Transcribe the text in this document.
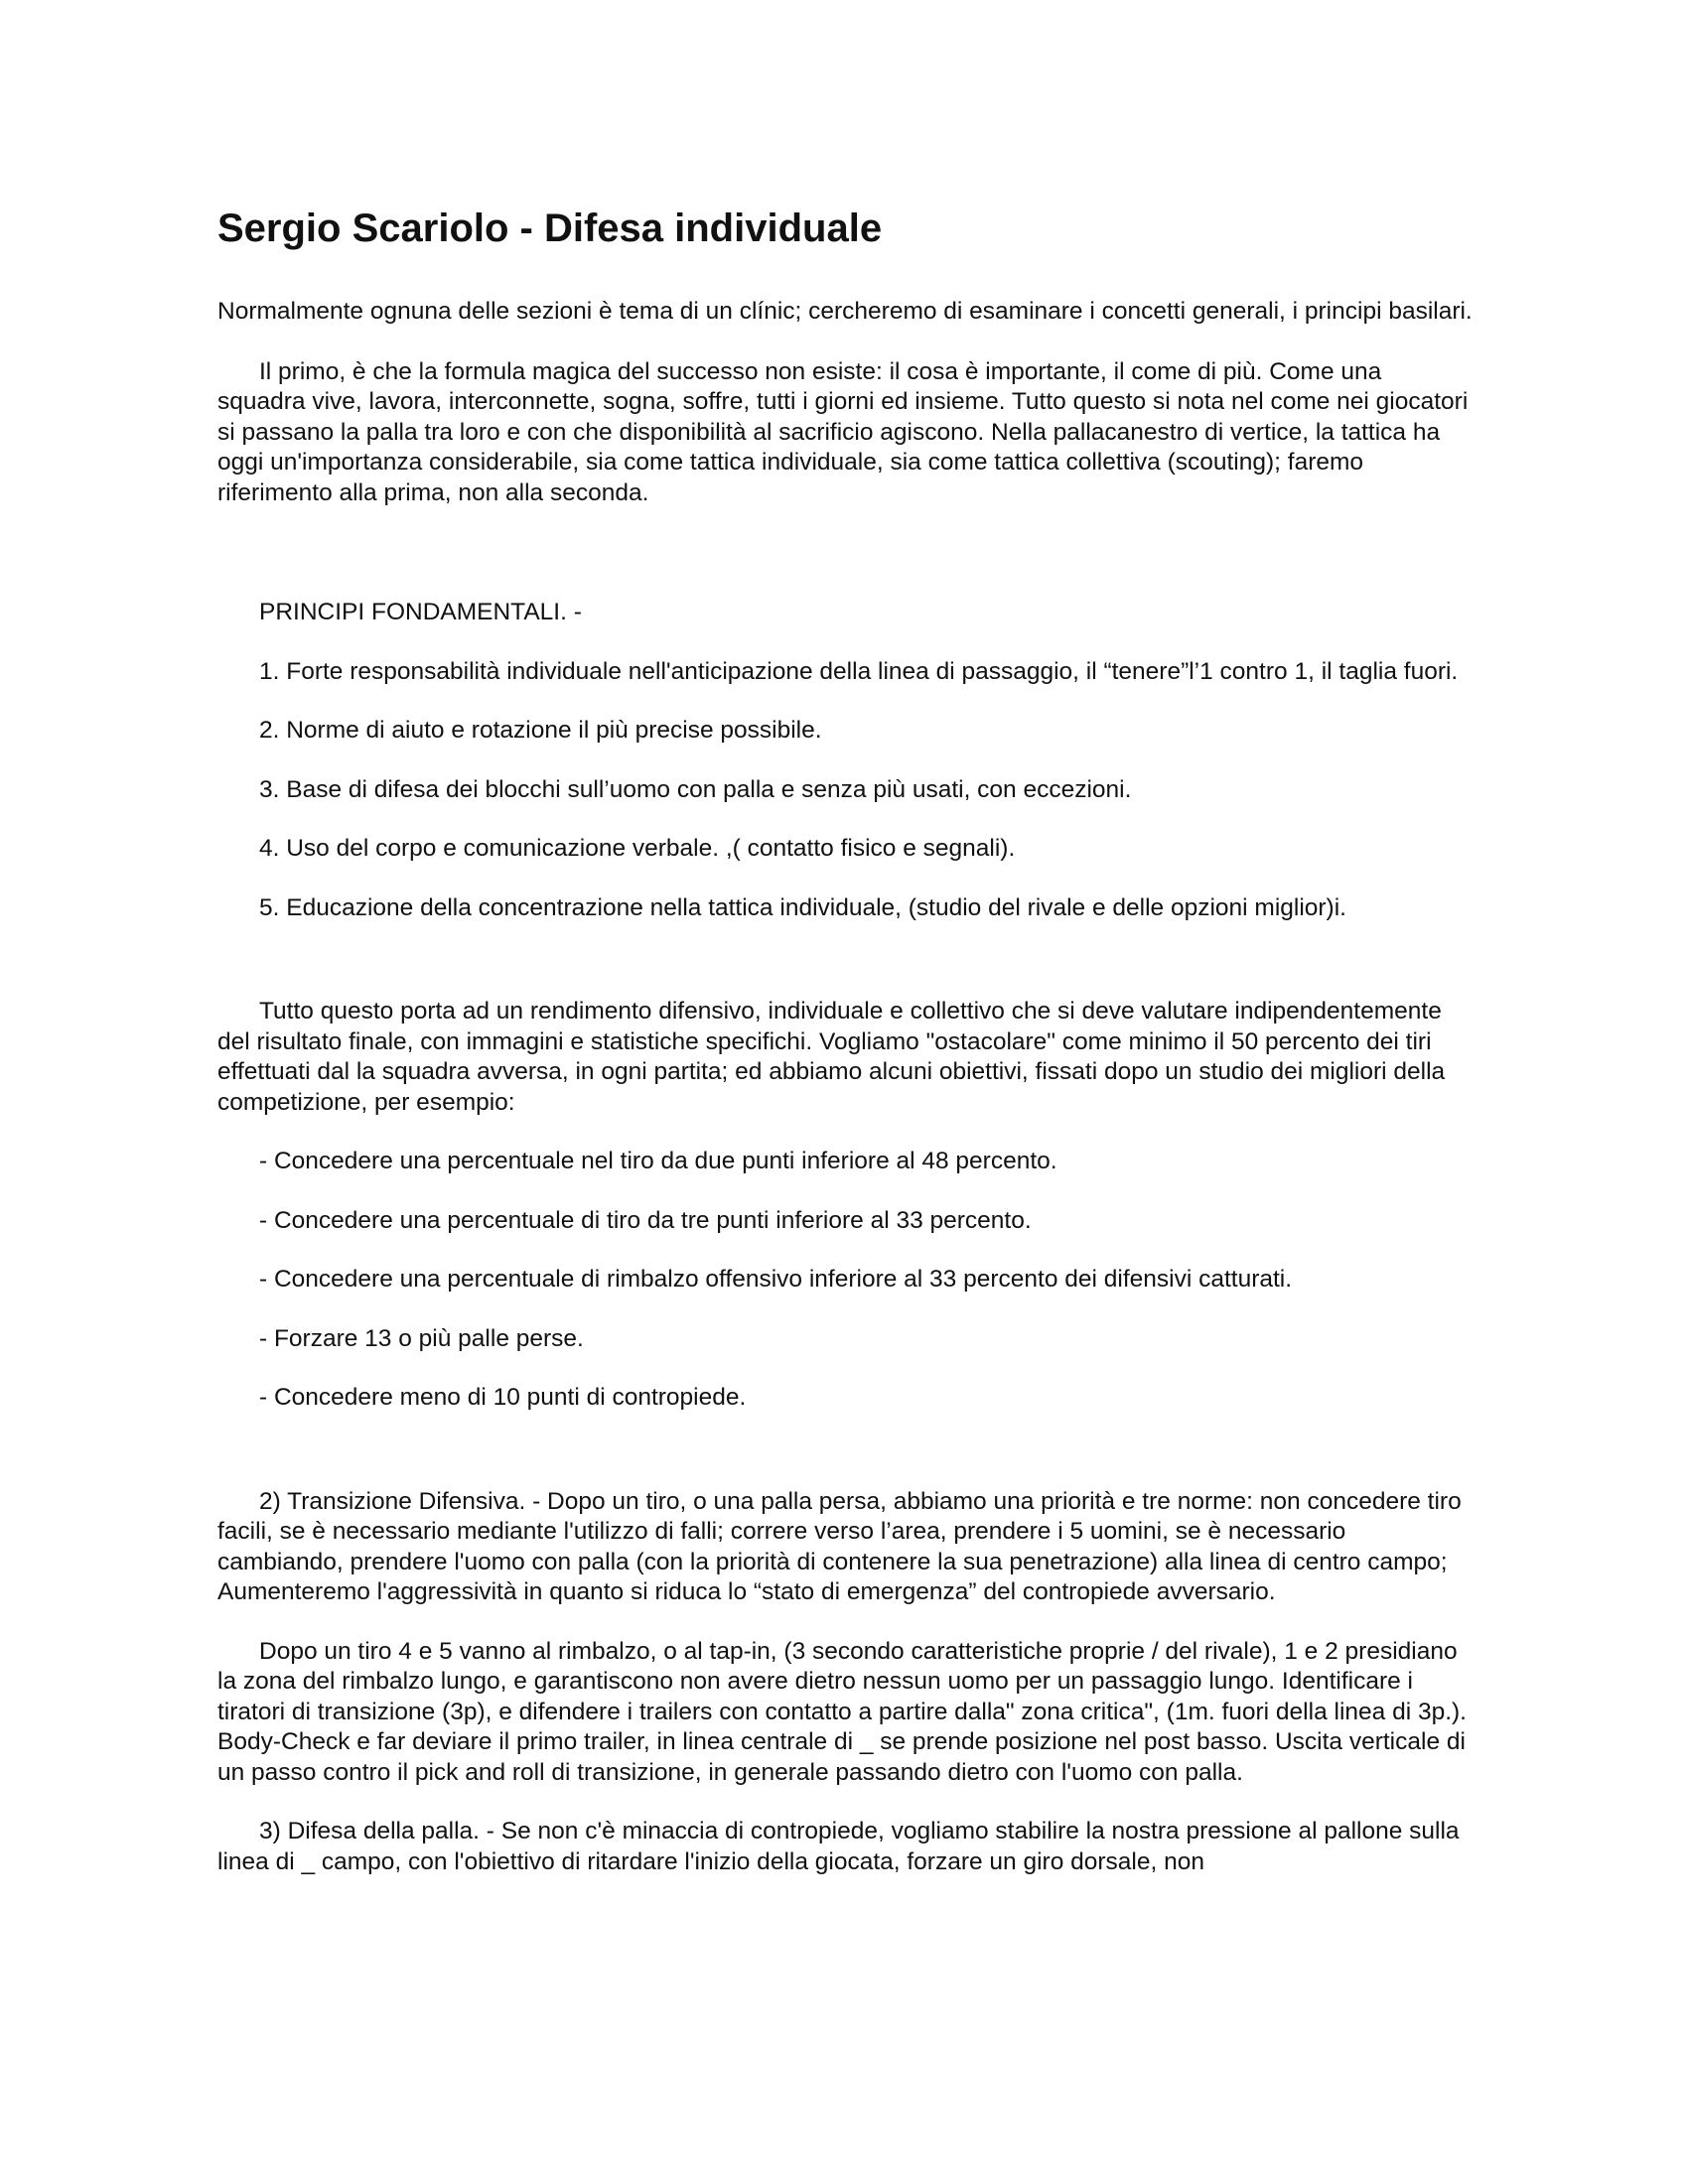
Sergio Scariolo - Difesa individuale

Normalmente ognuna delle sezioni è tema di un clínic; cercheremo di esaminare i concetti generali, i principi basilari.

Il primo, è che la formula magica del successo non esiste: il cosa è importante, il come di più. Come una squadra vive, lavora, interconnette, sogna, soffre, tutti i giorni ed insieme. Tutto questo si nota nel come nei giocatori si passano la palla tra loro e con che disponibilità al sacrificio agiscono. Nella pallacanestro di vertice, la tattica ha oggi un'importanza considerabile, sia come tattica individuale, sia come tattica collettiva (scouting); faremo riferimento alla prima, non alla seconda.

PRINCIPI FONDAMENTALI. -

1. Forte responsabilità individuale nell'anticipazione della linea di passaggio, il “tenere”l’1 contro 1, il taglia fuori.

2. Norme di aiuto e rotazione il più precise possibile.

3. Base di difesa dei blocchi sull’uomo con palla e senza più usati, con eccezioni.

4. Uso del corpo e comunicazione verbale. ,( contatto fisico e segnali).

5. Educazione della concentrazione nella tattica individuale, (studio del rivale e delle opzioni miglior)i.

Tutto questo porta ad un rendimento difensivo, individuale e collettivo che si deve valutare indipendentemente del risultato finale, con immagini e statistiche specifichi. Vogliamo "ostacolare" come minimo il 50 percento dei tiri effettuati dal la squadra avversa, in ogni partita; ed abbiamo alcuni obiettivi, fissati dopo un studio dei migliori della competizione, per esempio:

- Concedere una percentuale nel tiro da due punti inferiore al 48 percento.

- Concedere una percentuale di tiro da tre punti inferiore al 33 percento.

- Concedere una percentuale di rimbalzo offensivo inferiore al 33 percento dei difensivi catturati.

- Forzare 13 o più palle perse.

- Concedere meno di 10 punti di contropiede.

2) Transizione Difensiva. - Dopo un tiro, o una palla persa, abbiamo una priorità e tre norme: non concedere tiro facili, se è necessario mediante l'utilizzo di falli; correre verso l’area, prendere i 5 uomini, se è necessario cambiando, prendere l'uomo con palla (con la priorità di contenere la sua penetrazione) alla linea di centro campo; Aumenteremo l'aggressività in quanto si riduca lo “stato di emergenza” del contropiede avversario.

Dopo un tiro 4 e 5 vanno al rimbalzo, o al tap-in, (3 secondo caratteristiche proprie / del rivale), 1 e 2 presidiano la zona del rimbalzo lungo, e garantiscono non avere dietro nessun uomo per un passaggio lungo. Identificare i tiratori di transizione (3p), e difendere i trailers con contatto a partire dalla" zona critica", (1m. fuori della linea di 3p.). Body-Check e far deviare il primo trailer, in linea centrale di _ se prende posizione nel post basso. Uscita verticale di un passo contro il pick and roll di transizione, in generale passando dietro con l'uomo con palla.

3) Difesa della palla. - Se non c'è minaccia di contropiede, vogliamo stabilire la nostra pressione al pallone sulla linea di _ campo, con l'obiettivo di ritardare l'inizio della giocata, forzare un giro dorsale, non
